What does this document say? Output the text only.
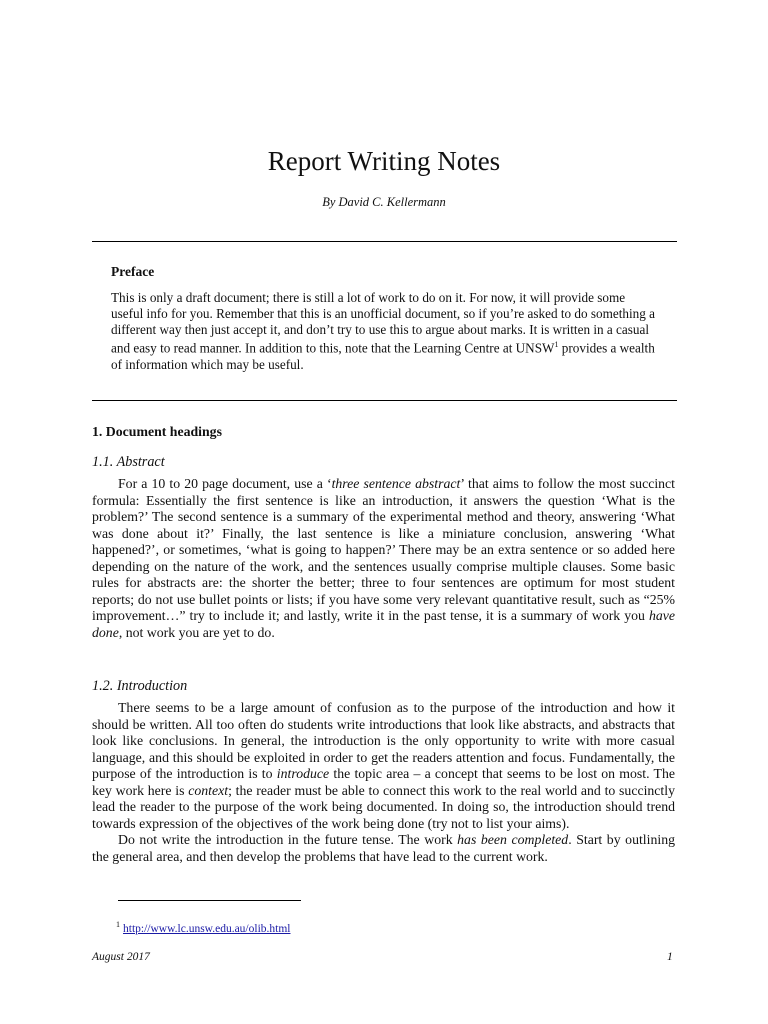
Report Writing Notes
By David C. Kellermann
Preface

This is only a draft document; there is still a lot of work to do on it. For now, it will provide some useful info for you. Remember that this is an unofficial document, so if you’re asked to do something a different way then just accept it, and don’t try to use this to argue about marks. It is written in a casual and easy to read manner. In addition to this, note that the Learning Centre at UNSW$^1$ provides a wealth of information which may be useful.

1. Document headings
1.1. Abstract

For a 10 to 20 page document, use a ‘three sentence abstract’ that aims to follow the most succinct formula: Essentially the first sentence is like an introduction, it answers the question ‘What is the problem?’ The second sentence is a summary of the experimental method and theory, answering ‘What was done about it?’ Finally, the last sentence is like a miniature conclusion, answering ‘What happened?’, or sometimes, ‘what is going to happen?’ There may be an extra sentence or so added here depending on the nature of the work, and the sentences usually comprise multiple clauses. Some basic rules for abstracts are: the shorter the better; three to four sentences are optimum for most student reports; do not use bullet points or lists; if you have some very relevant quantitative result, such as “25% improvement…” try to include it; and lastly, write it in the past tense, it is a summary of work you have done, not work you are yet to do.

1.2. Introduction

There seems to be a large amount of confusion as to the purpose of the introduction and how it should be written. All too often do students write introductions that look like abstracts, and abstracts that look like conclusions. In general, the introduction is the only opportunity to write with more casual language, and this should be exploited in order to get the readers attention and focus. Fundamentally, the purpose of the introduction is to introduce the topic area – a concept that seems to be lost on most. The key work here is context; the reader must be able to connect this work to the real world and to succinctly lead the reader to the purpose of the work being documented. In doing so, the introduction should trend towards expression of the objectives of the work being done (try not to list your aims).

Do not write the introduction in the future tense. The work has been completed. Start by outlining the general area, and then develop the problems that have lead to the current work.

$^1$ http://www.lc.unsw.edu.au/olib.html
August 2017	1
